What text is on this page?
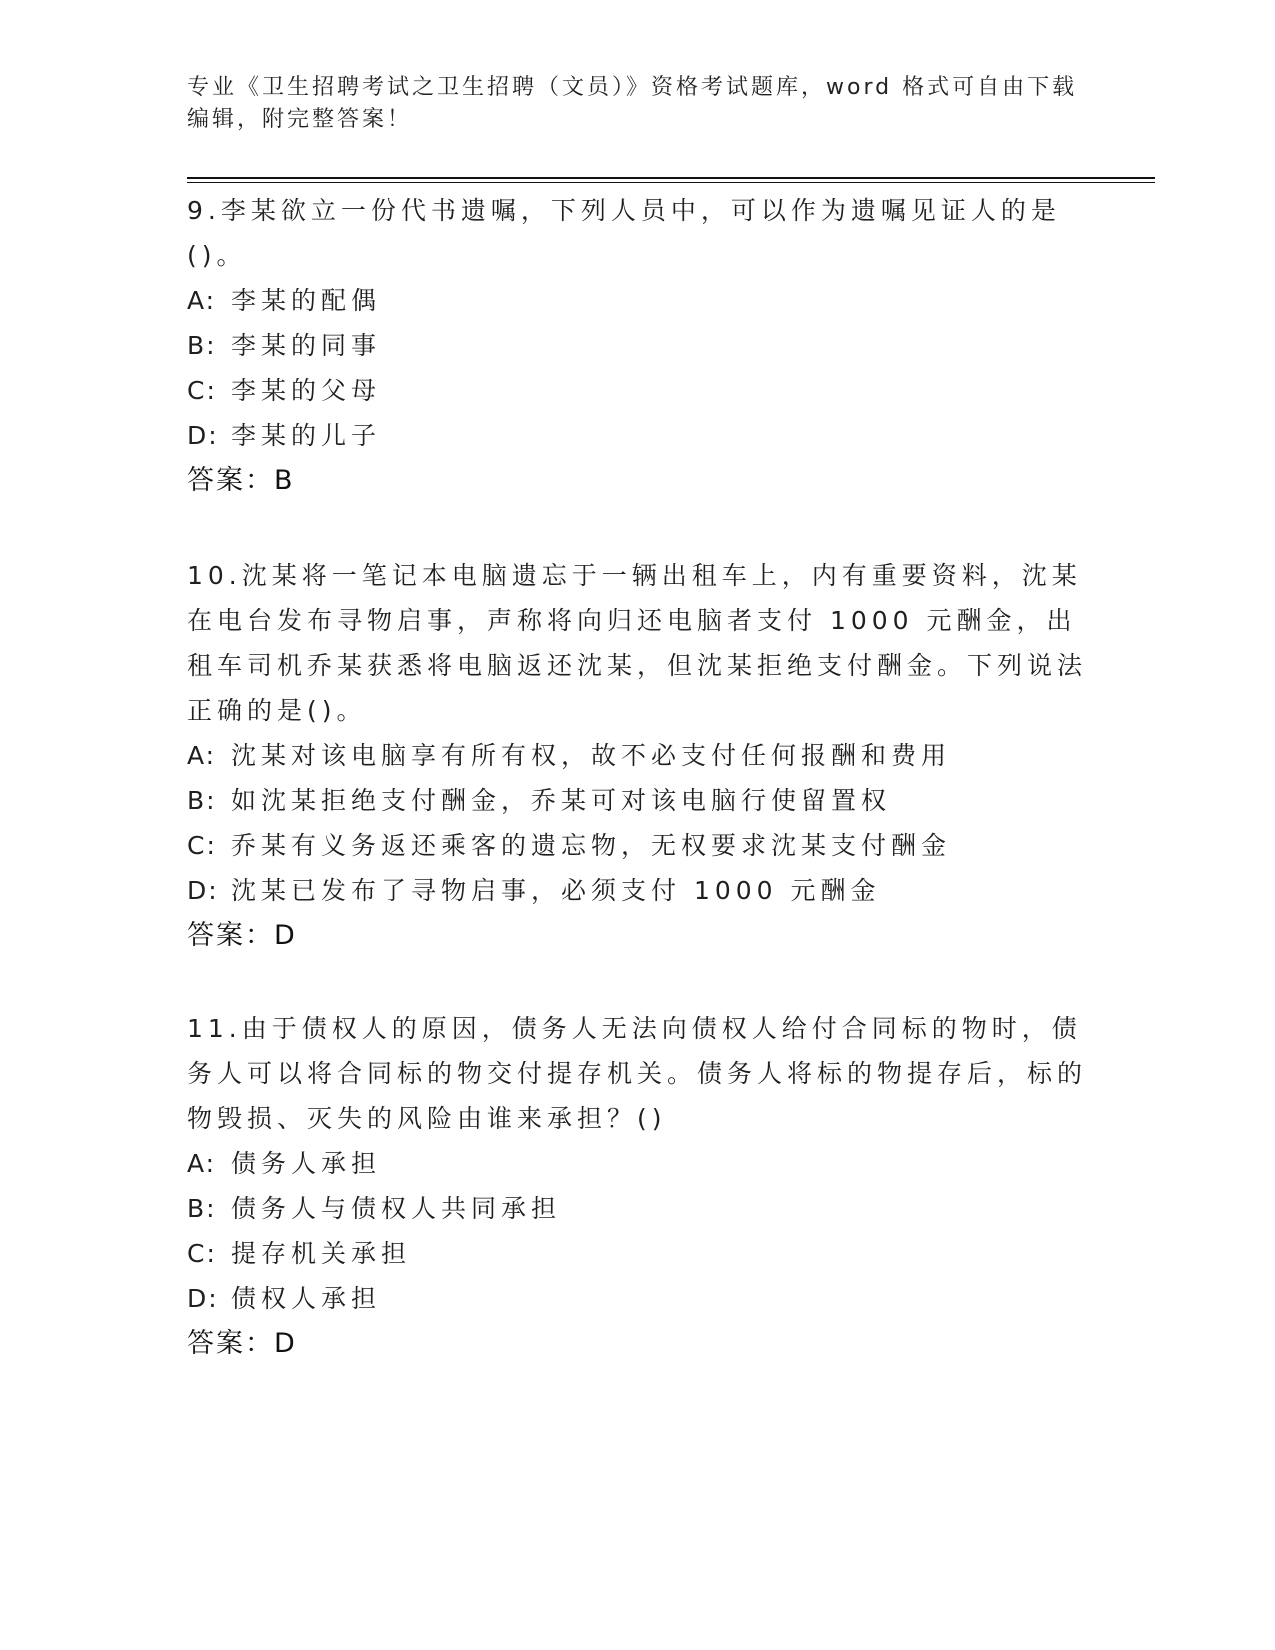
专业《卫生招聘考试之卫生招聘（文员）》资格考试题库，word 格式可自由下载
编辑，附完整答案！

9.李某欲立一份代书遗嘱，下列人员中，可以作为遗嘱见证人的是()。

A: 李某的配偶
B: 李某的同事
C: 李某的父母
D: 李某的儿子
答案：B

10.沈某将一笔记本电脑遗忘于一辆出租车上，内有重要资料，沈某在电台发布寻物启事，声称将向归还电脑者支付 1000 元酬金，出租车司机乔某获悉将电脑返还沈某，但沈某拒绝支付酬金。下列说法正确的是()。

A: 沈某对该电脑享有所有权，故不必支付任何报酬和费用
B: 如沈某拒绝支付酬金，乔某可对该电脑行使留置权
C: 乔某有义务返还乘客的遗忘物，无权要求沈某支付酬金
D: 沈某已发布了寻物启事，必须支付 1000 元酬金
答案：D

11.由于债权人的原因，债务人无法向债权人给付合同标的物时，债务人可以将合同标的物交付提存机关。债务人将标的物提存后，标的物毁损、灭失的风险由谁来承担？()

A: 债务人承担
B: 债务人与债权人共同承担
C: 提存机关承担
D: 债权人承担
答案：D
